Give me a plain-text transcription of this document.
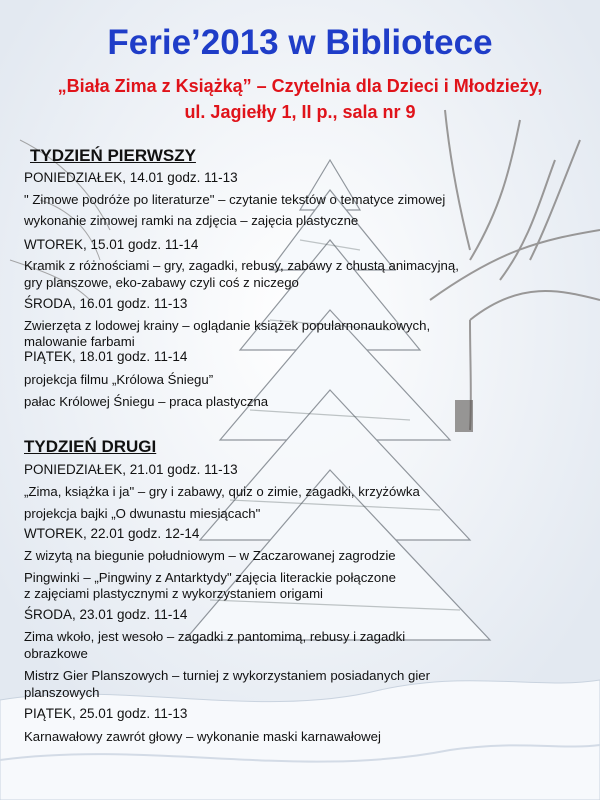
Ferie’2013 w Bibliotece
„Biała Zima z Książką” – Czytelnia dla Dzieci i Młodzieży,
ul. Jagiełły 1, II p., sala nr 9
TYDZIEŃ PIERWSZY
PONIEDZIAŁEK, 14.01 godz. 11-13
" Zimowe podróże po literaturze" – czytanie tekstów o tematyce zimowej
wykonanie zimowej ramki na zdjęcia – zajęcia plastyczne
WTOREK, 15.01 godz. 11-14
Kramik z różnościami – gry, zagadki, rebusy, zabawy z chustą animacyjną,
gry planszowe, eko-zabawy czyli coś z niczego
ŚRODA, 16.01 godz. 11-13
Zwierzęta z lodowej krainy – oglądanie książek popularnonaukowych,
malowanie farbami
PIĄTEK, 18.01 godz. 11-14
projekcja filmu „Królowa Śniegu”
pałac Królowej Śniegu – praca plastyczna
TYDZIEŃ DRUGI
PONIEDZIAŁEK, 21.01 godz. 11-13
„Zima, książka i ja" – gry i zabawy, quiz o zimie, zagadki, krzyżówka
projekcja bajki „O dwunastu miesiącach"
WTOREK, 22.01 godz. 12-14
Z wizytą na biegunie południowym – w Zaczarowanej zagrodzie
Pingwinki – „Pingwiny z Antarktydy" zajęcia literackie połączone
z zajęciami plastycznymi z wykorzystaniem origami
ŚRODA, 23.01 godz. 11-14
Zima wkoło, jest wesoło – zagadki z pantomimą, rebusy i zagadki
obrazkowe
Mistrz Gier Planszowych – turniej z wykorzystaniem posiadanych gier
planszowych
PIĄTEK, 25.01 godz. 11-13
Karnawałowy zawrót głowy – wykonanie maski karnawałowej
